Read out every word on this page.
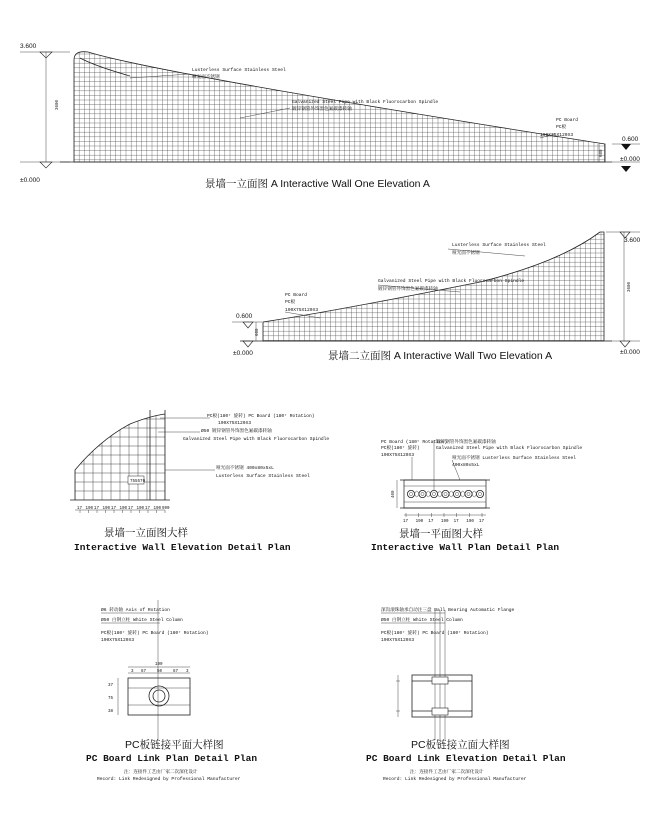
3.600
±0.000
3600
Lusterless Surface Stainless Steel
哑光面不锈钢
Galvanized Steel Pipe with Black Fluorocarbon Spindle
镀锌钢管外饰黑色氟碳漆转轴
PC Board
PC板
190X75X120X3
0.600
±0.000
600
景墙一立面图 A Interactive Wall One Elevation A
0.600
±0.000
600
3.600
±0.000
3600
Lusterless Surface Stainless Steel
哑光面不锈钢
Galvanized Steel Pipe with Black Fluorocarbon Spindle
镀锌钢管外饰黑色氟碳漆转轴
PC Board
PC板
190X75X120X3
景墙二立面图 A Interactive Wall Two Elevation A
755570
PC板(180° 旋转) PC Board (180° Rotation)
190X75X120X3
Ø50 镀锌钢管外饰黑色氟碳漆转轴
Galvanized Steel Pipe with Black Fluorocarbon Spindle
哑光面不锈钢 400x80x5xL
Lusterless Surface Stainless Steel
17 190 17 190 17 190 17 190 17 190 990
景墙一立面图大样
Interactive Wall Elevation Detail Plan
400
PC Board (180° Rotation)
PC板(180° 旋转)
190X75X120X3
镀锌钢管外饰黑色氟碳漆转轴
Galvanized Steel Pipe with Black Fluorocarbon Spindle
哑光面不锈钢 Lusterless Surface Stainless Steel
400x80x5xL
17 190 17 190 17 190 17
景墙一平面图大样
Interactive Wall Plan Detail Plan
Ø6 转动轴 Axis of Rotation
Ø50 白钢立柱 White Steel Column
PC板(180° 旋转) PC Board (180° Rotation)
190X75X120X3
190
3 67	50	67 3
37
75
38
PC板链接平面大样图
PC Board Link Plan Detail Plan
注：连接件工艺由厂家二次深化设计
Record: Link Redesigned by Professional Manufacturer
深沟滚珠轴承自动注三盘 Ball Bearing Automatic Flange
Ø50 白钢立柱 White Steel Column
PC板(180° 旋转) PC Board (180° Rotation)
190X75X120X3
PC板链接立面大样图
PC Board Link Elevation Detail Plan
注：连接件工艺由厂家二次深化设计
Record: Link Redesigned by Professional Manufacturer
